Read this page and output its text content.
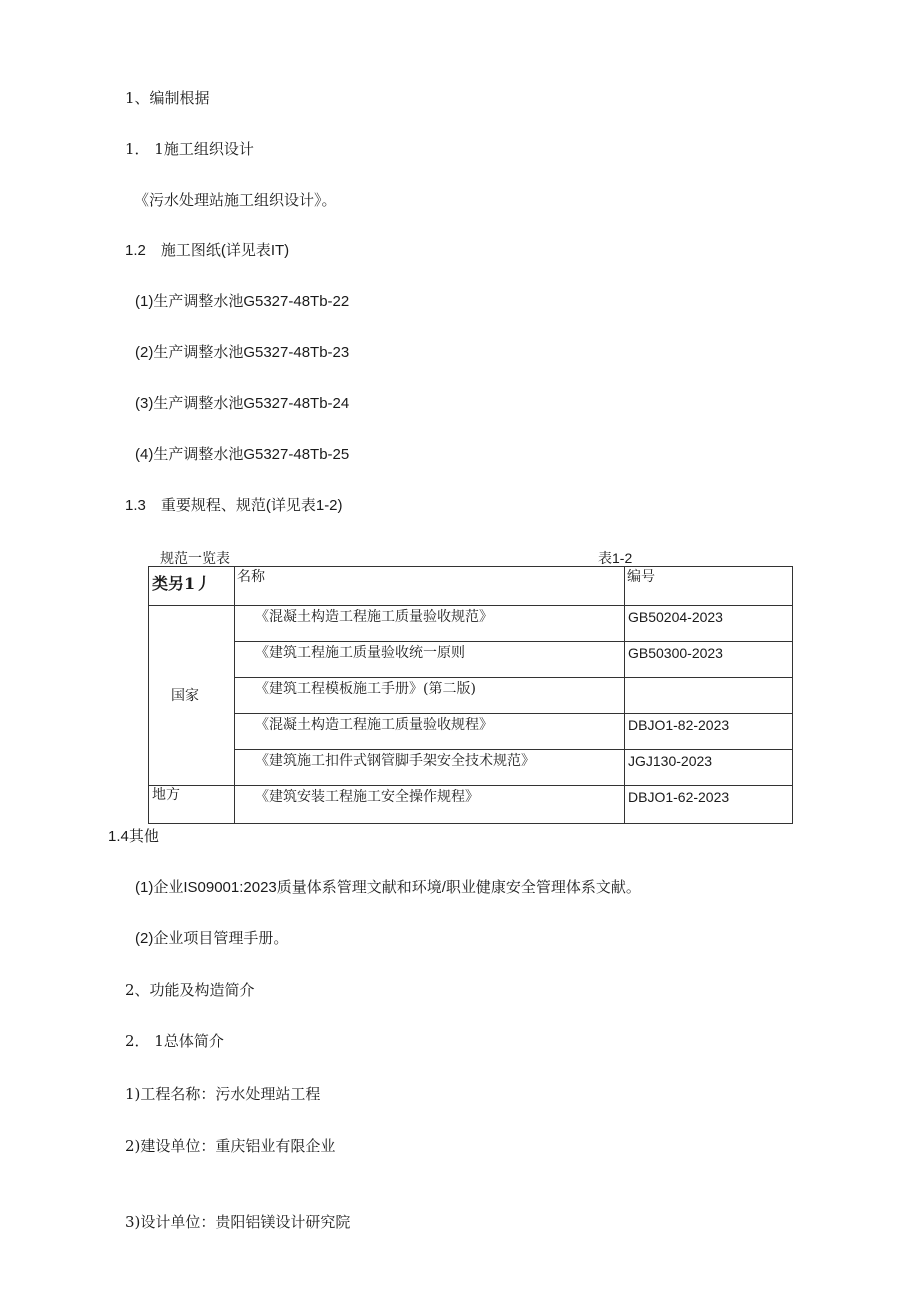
1、编制根据
1． 1施工组织设计
《污水处理站施工组织设计》。
1.2　施工图纸(详见表IT)
(1)生产调整水池G5327-48Tb-22
(2)生产调整水池G5327-48Tb-23
(3)生产调整水池G5327-48Tb-24
(4)生产调整水池G5327-48Tb-25
1.3　重要规程、规范(详见表1-2)
规范一览表	表1-2
类另1丿	名称	编号
国家	《混凝土构造工程施工质量验收规范》	GB50204-2023
	《建筑工程施工质量验收统一原则	GB50300-2023
	《建筑工程模板施工手册》(第二版)	
	《混凝土构造工程施工质量验收规程》	DBJO1-82-2023
	《建筑施工扣件式钢管脚手架安全技术规范》	JGJ130-2023
地方	《建筑安装工程施工安全操作规程》	DBJO1-62-2023
1.4其他
(1)企业IS09001:2023质量体系管理文献和环境/职业健康安全管理体系文献。
(2)企业项目管理手册。
2、功能及构造简介
2． 1总体简介
1)工程名称：污水处理站工程
2)建设单位：重庆铝业有限企业
3)设计单位：贵阳铝镁设计研究院
